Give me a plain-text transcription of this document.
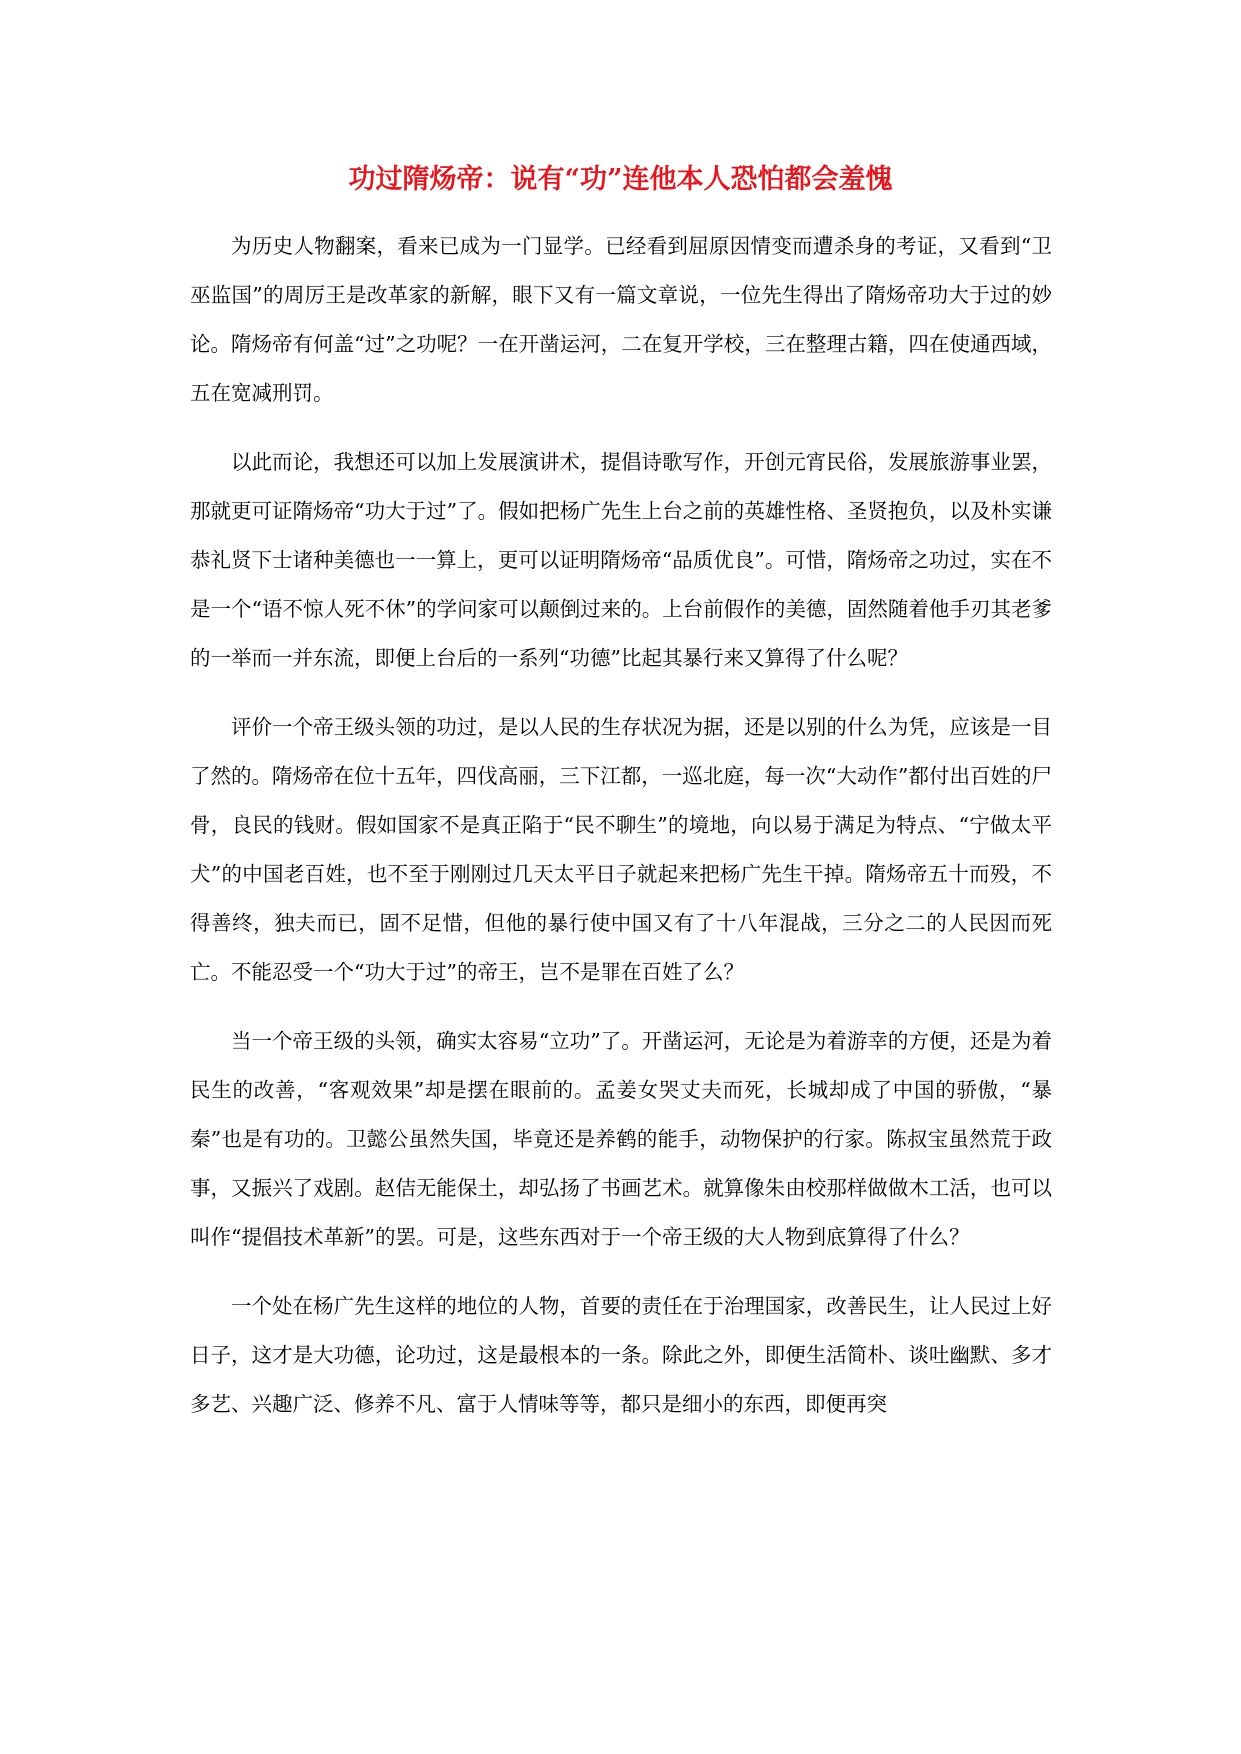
功过隋炀帝：说有“功”连他本人恐怕都会羞愧

为历史人物翻案，看来已成为一门显学。已经看到屈原因情变而遭杀身的考证，又看到“卫巫监国”的周厉王是改革家的新解，眼下又有一篇文章说，一位先生得出了隋炀帝功大于过的妙论。隋炀帝有何盖“过”之功呢？一在开凿运河，二在复开学校，三在整理古籍，四在使通西域，五在宽减刑罚。

以此而论，我想还可以加上发展演讲术，提倡诗歌写作，开创元宵民俗，发展旅游事业罢，那就更可证隋炀帝“功大于过”了。假如把杨广先生上台之前的英雄性格、圣贤抱负，以及朴实谦恭礼贤下士诸种美德也一一算上，更可以证明隋炀帝“品质优良”。可惜，隋炀帝之功过，实在不是一个“语不惊人死不休”的学问家可以颠倒过来的。上台前假作的美德，固然随着他手刃其老爹的一举而一并东流，即便上台后的一系列“功德”比起其暴行来又算得了什么呢？

评价一个帝王级头领的功过，是以人民的生存状况为据，还是以别的什么为凭，应该是一目了然的。隋炀帝在位十五年，四伐高丽，三下江都，一巡北庭，每一次“大动作”都付出百姓的尸骨，良民的钱财。假如国家不是真正陷于“民不聊生”的境地，向以易于满足为特点、“宁做太平犬”的中国老百姓，也不至于刚刚过几天太平日子就起来把杨广先生干掉。隋炀帝五十而殁，不得善终，独夫而已，固不足惜，但他的暴行使中国又有了十八年混战，三分之二的人民因而死亡。不能忍受一个“功大于过”的帝王，岂不是罪在百姓了么？

当一个帝王级的头领，确实太容易“立功”了。开凿运河，无论是为着游幸的方便，还是为着民生的改善，“客观效果”却是摆在眼前的。孟姜女哭丈夫而死，长城却成了中国的骄傲，“暴秦”也是有功的。卫懿公虽然失国，毕竟还是养鹤的能手，动物保护的行家。陈叔宝虽然荒于政事，又振兴了戏剧。赵佶无能保土，却弘扬了书画艺术。就算像朱由校那样做做木工活，也可以叫作“提倡技术革新”的罢。可是，这些东西对于一个帝王级的大人物到底算得了什么？

一个处在杨广先生这样的地位的人物，首要的责任在于治理国家，改善民生，让人民过上好日子，这才是大功德，论功过，这是最根本的一条。除此之外，即便生活简朴、谈吐幽默、多才多艺、兴趣广泛、修养不凡、富于人情味等等，都只是细小的东西，即便再突
